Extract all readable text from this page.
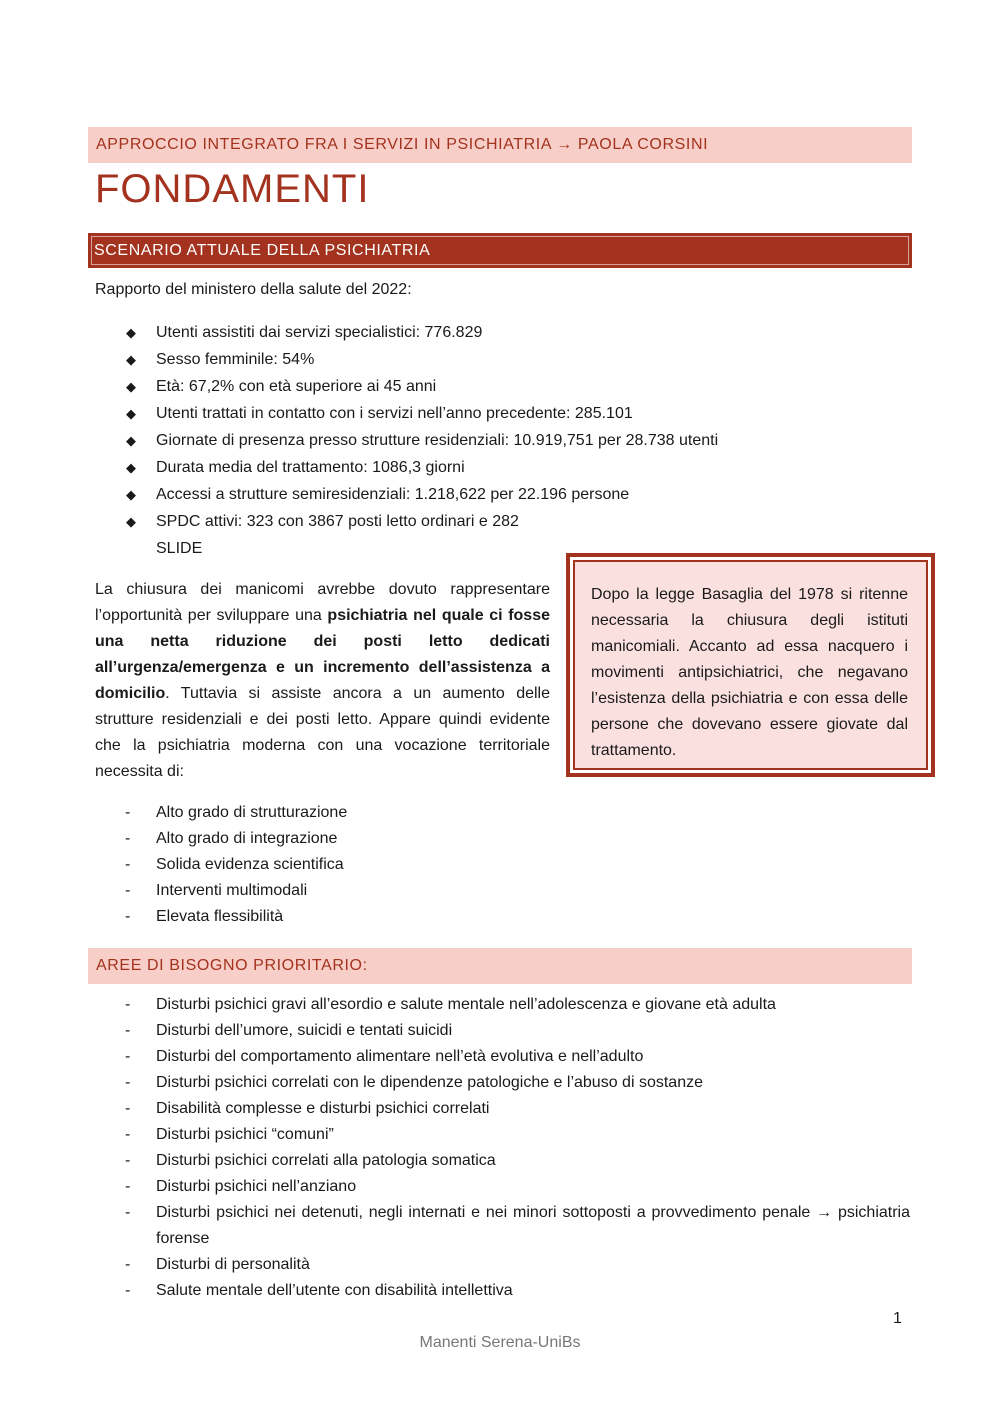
APPROCCIO INTEGRATO FRA I SERVIZI IN PSICHIATRIA → PAOLA CORSINI
FONDAMENTI
SCENARIO ATTUALE DELLA PSICHIATRIA

Rapporto del ministero della salute del 2022:

◆ Utenti assistiti dai servizi specialistici: 776.829
◆ Sesso femminile: 54%
◆ Età: 67,2% con età superiore ai 45 anni
◆ Utenti trattati in contatto con i servizi nell’anno precedente: 285.101
◆ Giornate di presenza presso strutture residenziali: 10.919,751 per 28.738 utenti
◆ Durata media del trattamento: 1086,3 giorni
◆ Accessi a strutture semiresidenziali: 1.218,622 per 22.196 persone
◆ SPDC attivi: 323 con 3867 posti letto ordinari e 282
SLIDE

La chiusura dei manicomi avrebbe dovuto rappresentare l’opportunità per sviluppare una psichiatria nel quale ci fosse una netta riduzione dei posti letto dedicati all’urgenza/emergenza e un incremento dell’assistenza a domicilio. Tuttavia si assiste ancora a un aumento delle strutture residenziali e dei posti letto. Appare quindi evidente che la psichiatria moderna con una vocazione territoriale necessita di:

Dopo la legge Basaglia del 1978 si ritenne necessaria la chiusura degli istituti manicomiali. Accanto ad essa nacquero i movimenti antipsichiatrici, che negavano l’esistenza della psichiatria e con essa delle persone che dovevano essere giovate dal trattamento.
- Alto grado di strutturazione
- Alto grado di integrazione
- Solida evidenza scientifica
- Interventi multimodali
- Elevata flessibilità
AREE DI BISOGNO PRIORITARIO:
- Disturbi psichici gravi all’esordio e salute mentale nell’adolescenza e giovane età adulta
- Disturbi dell’umore, suicidi e tentati suicidi
- Disturbi del comportamento alimentare nell’età evolutiva e nell’adulto
- Disturbi psichici correlati con le dipendenze patologiche e l’abuso di sostanze
- Disabilità complesse e disturbi psichici correlati
- Disturbi psichici “comuni”
- Disturbi psichici correlati alla patologia somatica
- Disturbi psichici nell’anziano
- Disturbi psichici nei detenuti, negli internati e nei minori sottoposti a provvedimento penale → psichiatria forense
- Disturbi di personalità
- Salute mentale dell’utente con disabilità intellettiva
1
Manenti Serena-UniBs
